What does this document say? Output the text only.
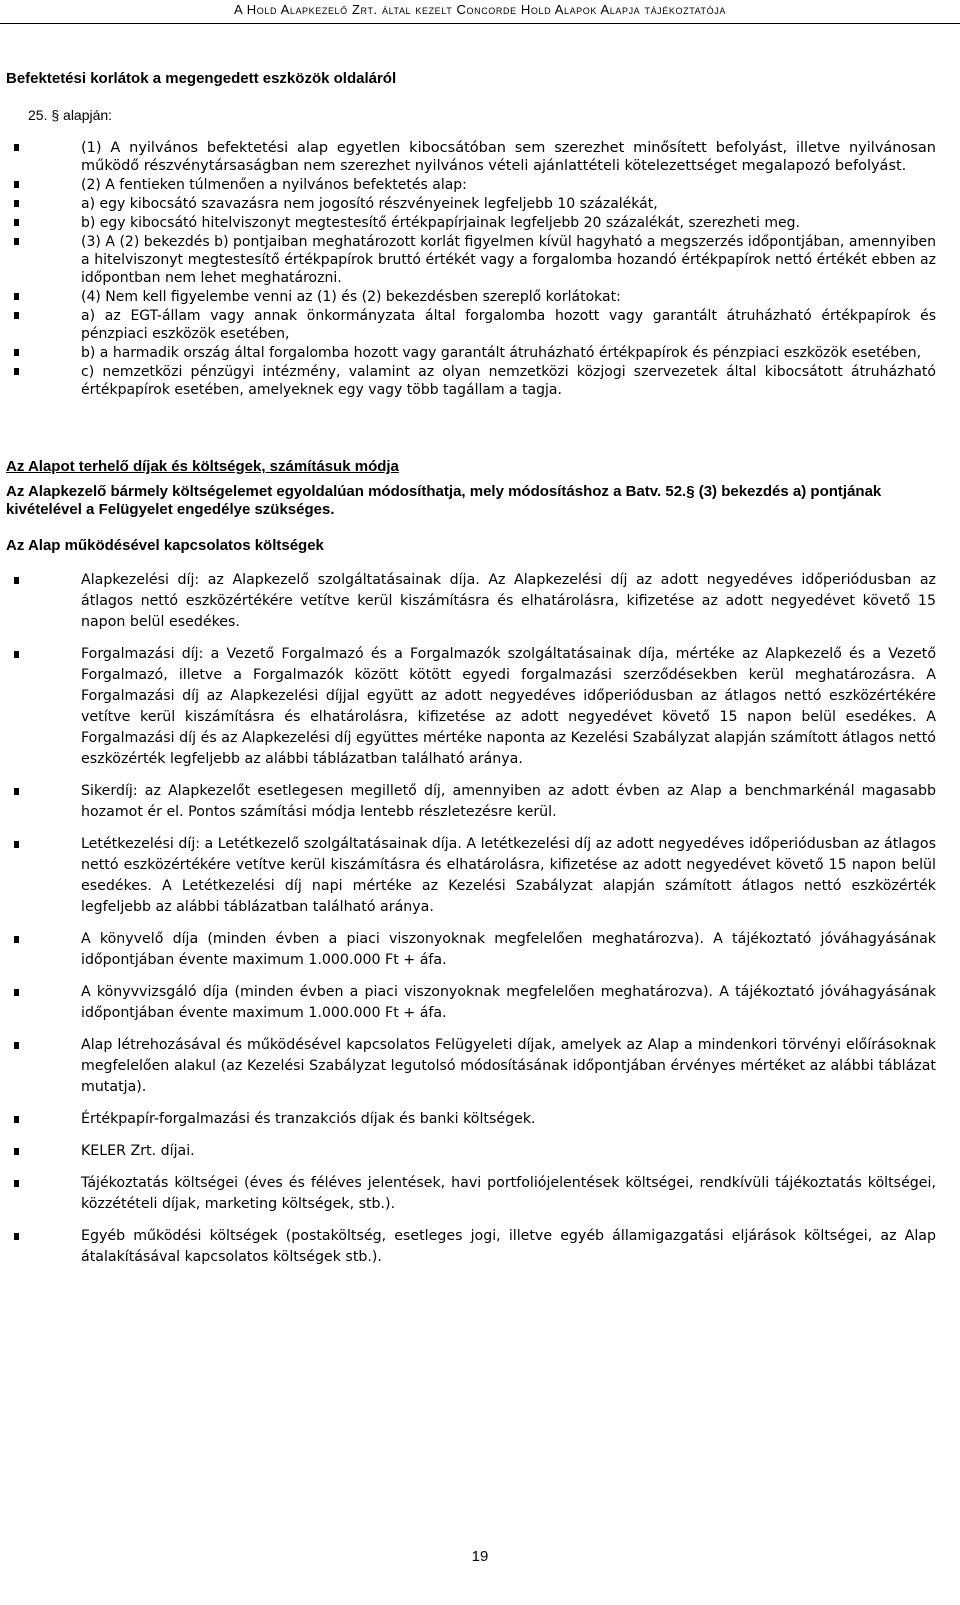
A Hold Alapkezelő Zrt. által kezelt Concorde Hold Alapok Alapja tájékoztatója
Befektetési korlátok a megengedett eszközök oldaláról
25. § alapján:
(1) A nyilvános befektetési alap egyetlen kibocsátóban sem szerezhet minősített befolyást, illetve nyilvánosan működő részvénytársaságban nem szerezhet nyilvános vételi ajánlattételi kötelezettséget megalapozó befolyást.
(2) A fentieken túlmenően a nyilvános befektetés alap:
a) egy kibocsátó szavazásra nem jogosító részvényeinek legfeljebb 10 százalékát,
b) egy kibocsátó hitelviszonyt megtestesítő értékpapírjainak legfeljebb 20 százalékát, szerezheti meg.
(3) A (2) bekezdés b) pontjaiban meghatározott korlát figyelmen kívül hagyható a megszerzés időpontjában, amennyiben a hitelviszonyt megtestesítő értékpapírok bruttó értékét vagy a forgalomba hozandó értékpapírok nettó értékét ebben az időpontban nem lehet meghatározni.
(4) Nem kell figyelembe venni az (1) és (2) bekezdésben szereplő korlátokat:
a) az EGT-állam vagy annak önkormányzata által forgalomba hozott vagy garantált átruházható értékpapírok és pénzpiaci eszközök esetében,
b) a harmadik ország által forgalomba hozott vagy garantált átruházható értékpapírok és pénzpiaci eszközök esetében,
c) nemzetközi pénzügyi intézmény, valamint az olyan nemzetközi közjogi szervezetek által kibocsátott átruházható értékpapírok esetében, amelyeknek egy vagy több tagállam a tagja.
Az Alapot terhelő díjak és költségek, számításuk módja
Az Alapkezelő bármely költségelemet egyoldalúan módosíthatja, mely módosításhoz a Batv. 52.§ (3) bekezdés a) pontjának kivételével a Felügyelet engedélye szükséges.
Az Alap működésével kapcsolatos költségek
Alapkezelési díj: az Alapkezelő szolgáltatásainak díja. Az Alapkezelési díj az adott negyedéves időperiódusban az átlagos nettó eszközértékére vetítve kerül kiszámításra és elhatárolásra, kifizetése az adott negyedévet követő 15 napon belül esedékes.
Forgalmazási díj: a Vezető Forgalmazó és a Forgalmazók szolgáltatásainak díja, mértéke az Alapkezelő és a Vezető Forgalmazó, illetve a Forgalmazók között kötött egyedi forgalmazási szerződésekben kerül meghatározásra. A Forgalmazási díj az Alapkezelési díjjal együtt az adott negyedéves időperiódusban az átlagos nettó eszközértékére vetítve kerül kiszámításra és elhatárolásra, kifizetése az adott negyedévet követő 15 napon belül esedékes. A Forgalmazási díj és az Alapkezelési díj együttes mértéke naponta az Kezelési Szabályzat alapján számított átlagos nettó eszközérték legfeljebb az alábbi táblázatban található aránya.
Sikerdíj: az Alapkezelőt esetlegesen megillető díj, amennyiben az adott évben az Alap a benchmarkénál magasabb hozamot ér el. Pontos számítási módja lentebb részletezésre kerül.
Letétkezelési díj: a Letétkezelő szolgáltatásainak díja. A letétkezelési díj az adott negyedéves időperiódusban az átlagos nettó eszközértékére vetítve kerül kiszámításra és elhatárolásra, kifizetése az adott negyedévet követő 15 napon belül esedékes. A Letétkezelési díj napi mértéke az Kezelési Szabályzat alapján számított átlagos nettó eszközérték legfeljebb az alábbi táblázatban található aránya.
A könyvelő díja (minden évben a piaci viszonyoknak megfelelően meghatározva). A tájékoztató jóváhagyásának időpontjában évente maximum 1.000.000 Ft + áfa.
A könyvvizsgáló díja (minden évben a piaci viszonyoknak megfelelően meghatározva). A tájékoztató jóváhagyásának időpontjában évente maximum 1.000.000 Ft + áfa.
Alap létrehozásával és működésével kapcsolatos Felügyeleti díjak, amelyek az Alap a mindenkori törvényi előírásoknak megfelelően alakul (az Kezelési Szabályzat legutolsó módosításának időpontjában érvényes mértéket az alábbi táblázat mutatja).
Értékpapír-forgalmazási és tranzakciós díjak és banki költségek.
KELER Zrt. díjai.
Tájékoztatás költségei (éves és féléves jelentések, havi portfoliójelentések költségei, rendkívüli tájékoztatás költségei, közzétételi díjak, marketing költségek, stb.).
Egyéb működési költségek (postaköltség, esetleges jogi, illetve egyéb államigazgatási eljárások költségei, az Alap átalakításával kapcsolatos költségek stb.).
19
